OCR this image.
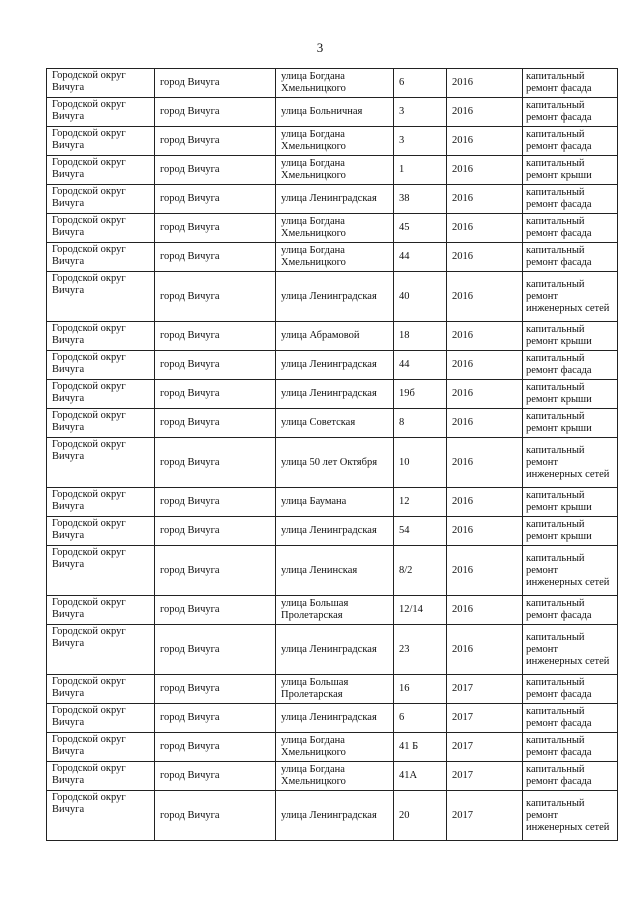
3
Городской округ Вичуга	город Вичуга	улица Богдана Хмельницкого	6	2016	капитальный ремонт фасада
Городской округ Вичуга	город Вичуга	улица Больничная	3	2016	капитальный ремонт фасада
Городской округ Вичуга	город Вичуга	улица Богдана Хмельницкого	3	2016	капитальный ремонт фасада
Городской округ Вичуга	город Вичуга	улица Богдана Хмельницкого	1	2016	капитальный ремонт крыши
Городской округ Вичуга	город Вичуга	улица Ленинградская	38	2016	капитальный ремонт фасада
Городской округ Вичуга	город Вичуга	улица Богдана Хмельницкого	45	2016	капитальный ремонт фасада
Городской округ Вичуга	город Вичуга	улица Богдана Хмельницкого	44	2016	капитальный ремонт фасада
Городской округ Вичуга	город Вичуга	улица Ленинградская	40	2016	капитальный ремонт инженерных сетей
Городской округ Вичуга	город Вичуга	улица Абрамовой	18	2016	капитальный ремонт крыши
Городской округ Вичуга	город Вичуга	улица Ленинградская	44	2016	капитальный ремонт фасада
Городской округ Вичуга	город Вичуга	улица Ленинградская	19б	2016	капитальный ремонт крыши
Городской округ Вичуга	город Вичуга	улица Советская	8	2016	капитальный ремонт крыши
Городской округ Вичуга	город Вичуга	улица 50 лет Октября	10	2016	капитальный ремонт инженерных сетей
Городской округ Вичуга	город Вичуга	улица Баумана	12	2016	капитальный ремонт крыши
Городской округ Вичуга	город Вичуга	улица Ленинградская	54	2016	капитальный ремонт крыши
Городской округ Вичуга	город Вичуга	улица Ленинская	8/2	2016	капитальный ремонт инженерных сетей
Городской округ Вичуга	город Вичуга	улица Большая Пролетарская	12/14	2016	капитальный ремонт фасада
Городской округ Вичуга	город Вичуга	улица Ленинградская	23	2016	капитальный ремонт инженерных сетей
Городской округ Вичуга	город Вичуга	улица Большая Пролетарская	16	2017	капитальный ремонт фасада
Городской округ Вичуга	город Вичуга	улица Ленинградская	6	2017	капитальный ремонт фасада
Городской округ Вичуга	город Вичуга	улица Богдана Хмельницкого	41 Б	2017	капитальный ремонт фасада
Городской округ Вичуга	город Вичуга	улица Богдана Хмельницкого	41А	2017	капитальный ремонт фасада
Городской округ Вичуга	город Вичуга	улица Ленинградская	20	2017	капитальный ремонт инженерных сетей
